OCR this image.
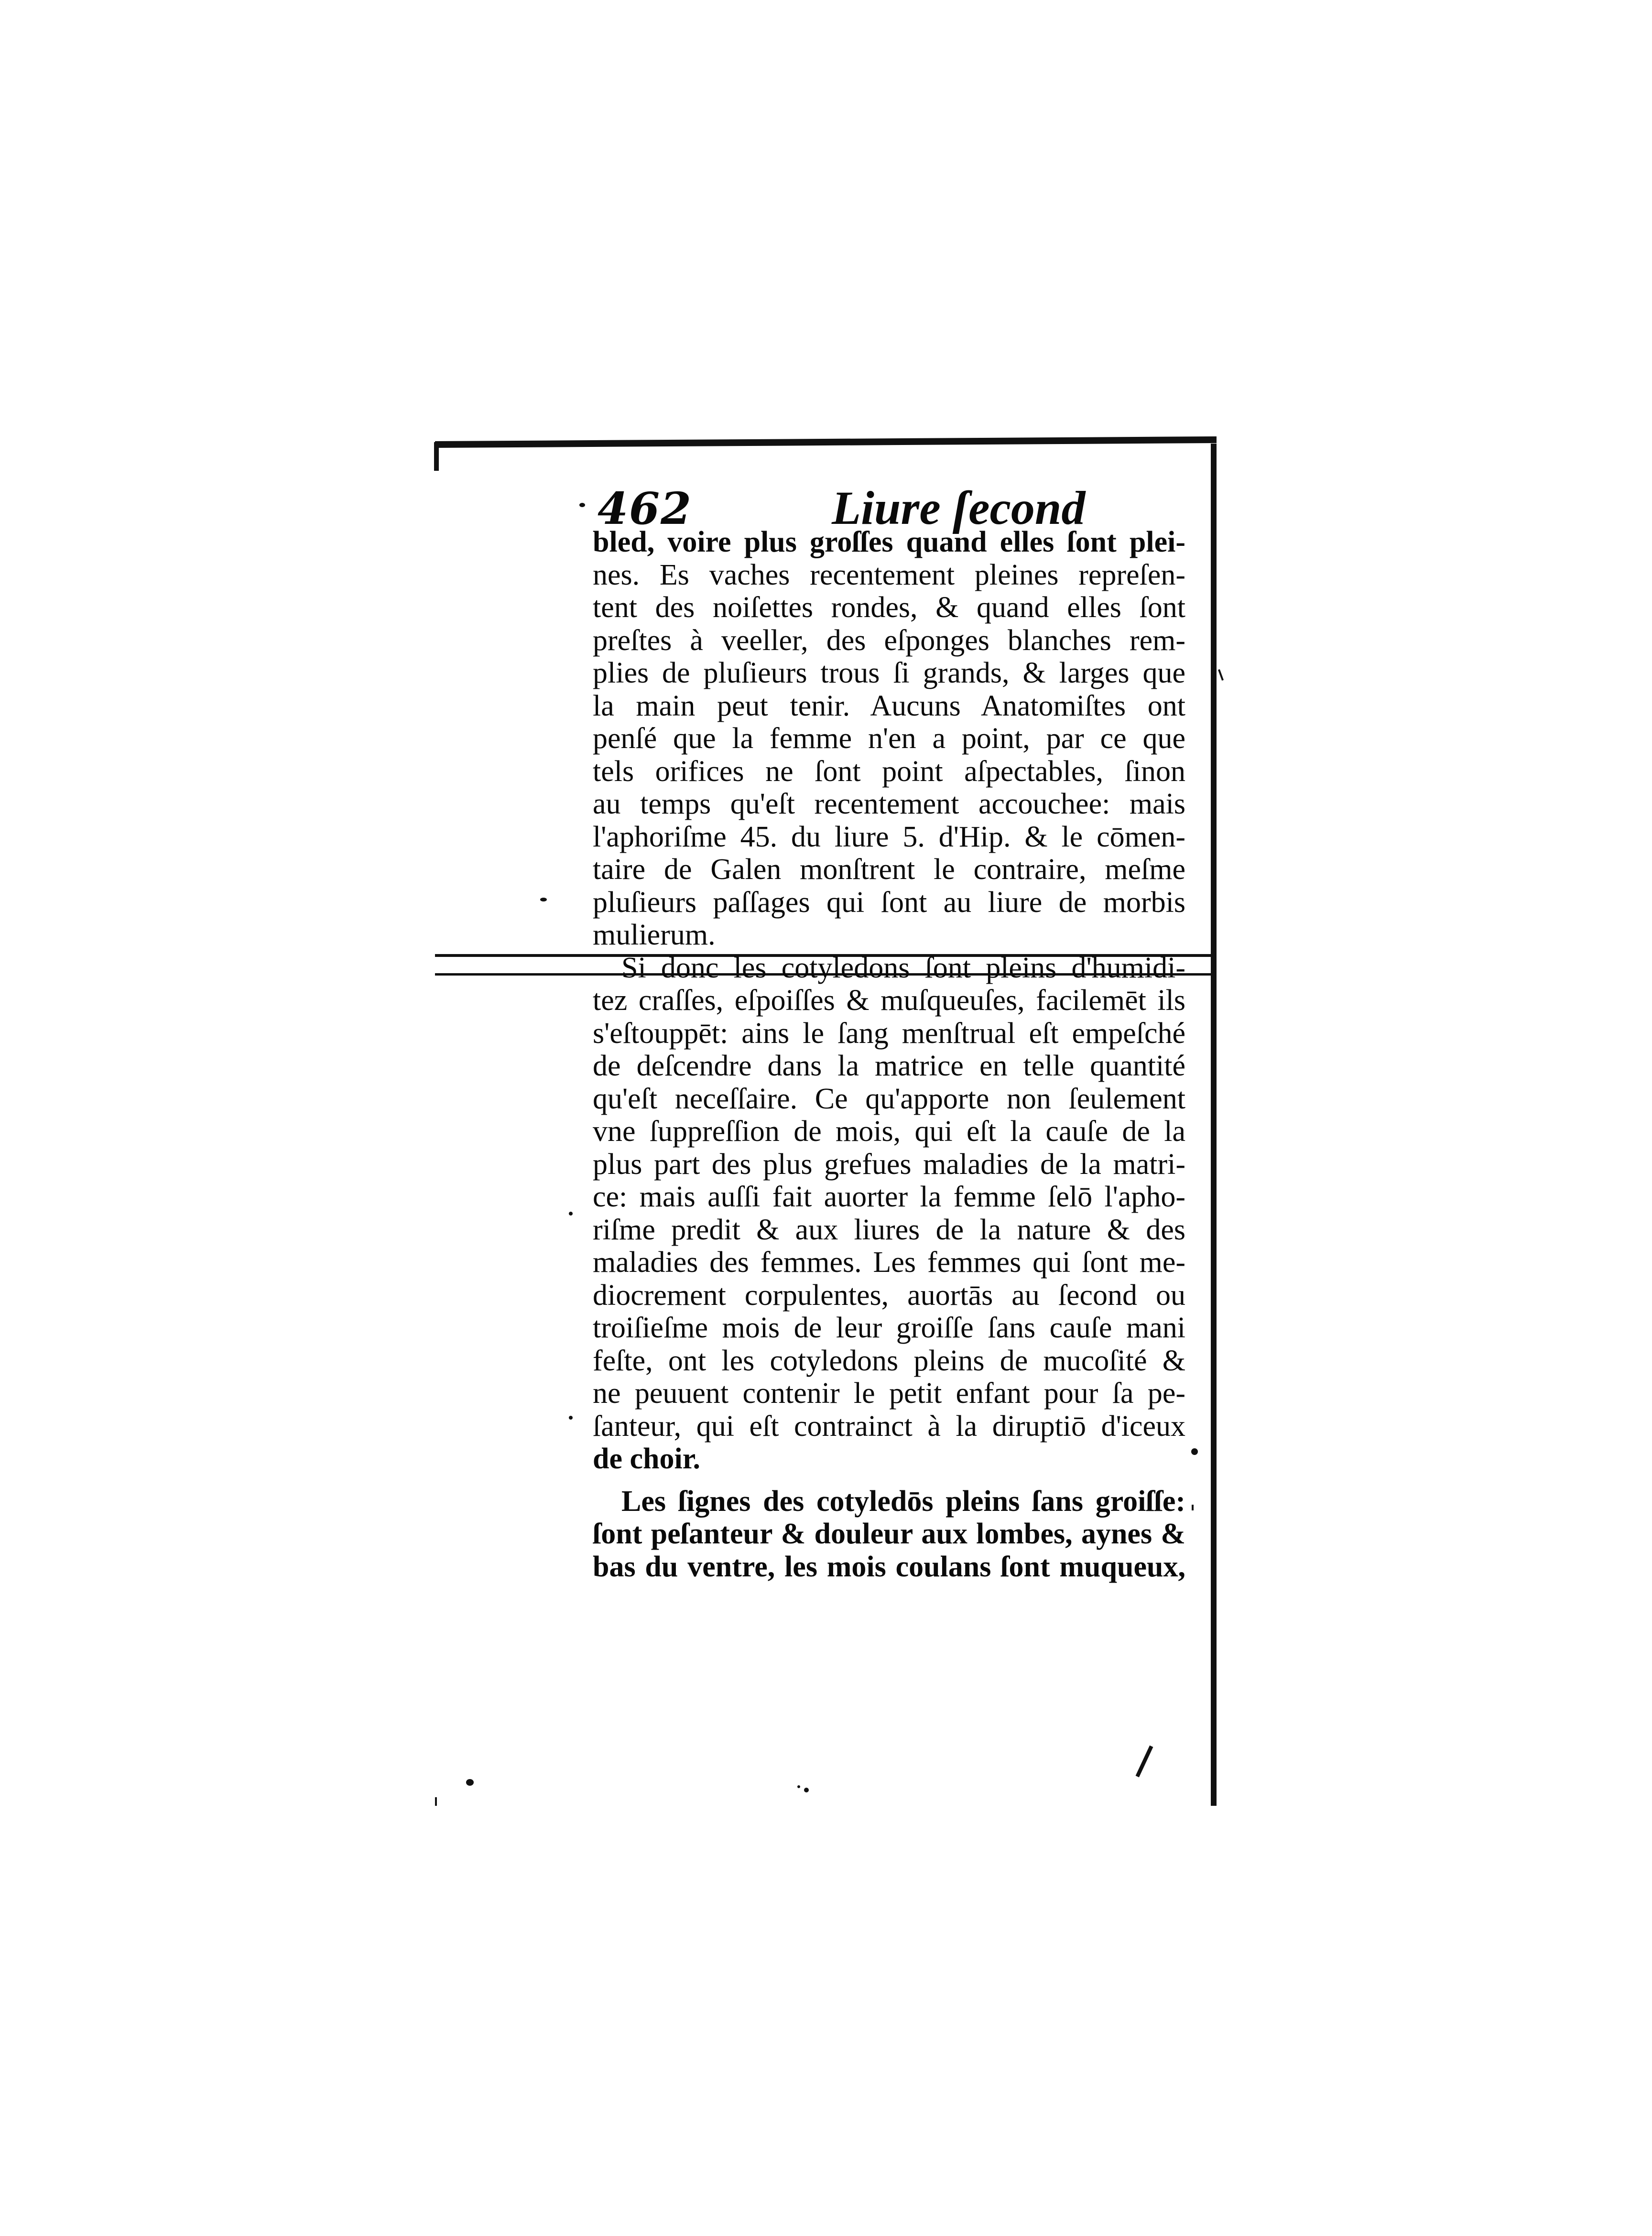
462	Liure ſecond
bled, voire plus groſſes quand elles ſont plei-
nes. Es vaches recentement pleines repreſen-
tent des noiſettes rondes, & quand elles ſont
preſtes à veeller, des eſponges blanches rem-
plies de pluſieurs trous ſi grands, & larges que
la main peut tenir. Aucuns Anatomiſtes ont
penſé que la femme n'en a point, par ce que
tels orifices ne ſont point aſpectables, ſinon
au temps qu'eſt recentement accouchee: mais
l'aphoriſme 45. du liure 5. d'Hip. & le cōmen-
taire de Galen monſtrent le contraire, meſme
pluſieurs paſſages qui ſont au liure de morbis
mulierum.
Si donc les cotyledons ſont pleins d'humidi-
tez craſſes, eſpoiſſes & muſqueuſes, facilemēt ils
s'eſtouppēt: ains le ſang menſtrual eſt empeſché
de deſcendre dans la matrice en telle quantité
qu'eſt neceſſaire. Ce qu'apporte non ſeulement
vne ſuppreſſion de mois, qui eſt la cauſe de la
plus part des plus grefues maladies de la matri-
ce: mais auſſi fait auorter la femme ſelō l'apho-
riſme predit & aux liures de la nature & des
maladies des femmes. Les femmes qui ſont me-
diocrement corpulentes, auortās au ſecond ou
troiſieſme mois de leur groiſſe ſans cauſe mani
feſte, ont les cotyledons pleins de mucoſité &
ne peuuent contenir le petit enfant pour ſa pe-
ſanteur, qui eſt contrainct à la diruptiō d'iceux
de choir.
Les ſignes des cotyledōs pleins ſans groiſſe:
ſont peſanteur & douleur aux lombes, aynes &
bas du ventre, les mois coulans ſont muqueux,
